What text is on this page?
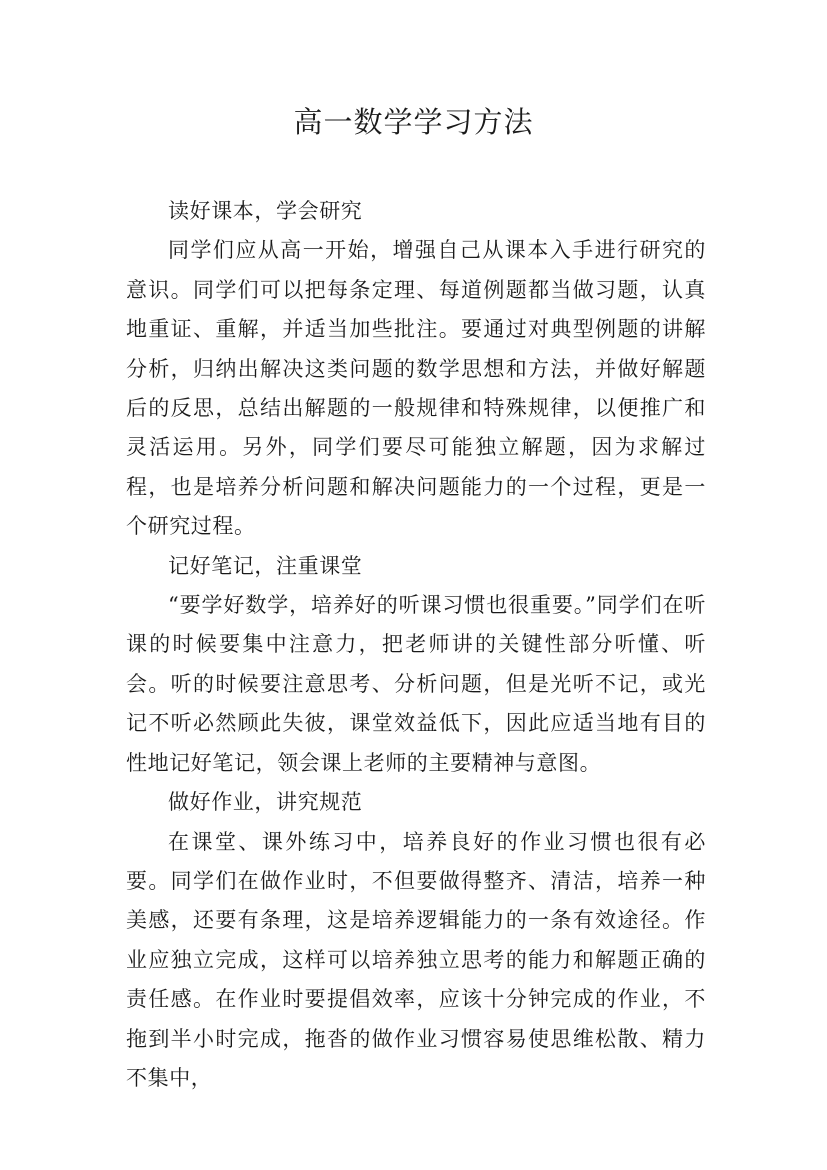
高一数学学习方法

读好课本，学会研究

同学们应从高一开始，增强自己从课本入手进行研究的意识。同学们可以把每条定理、每道例题都当做习题，认真地重证、重解，并适当加些批注。要通过对典型例题的讲解分析，归纳出解决这类问题的数学思想和方法，并做好解题后的反思，总结出解题的一般规律和特殊规律，以便推广和灵活运用。另外，同学们要尽可能独立解题，因为求解过程，也是培养分析问题和解决问题能力的一个过程，更是一个研究过程。

记好笔记，注重课堂

“要学好数学，培养好的听课习惯也很重要。”同学们在听课的时候要集中注意力，把老师讲的关键性部分听懂、听会。听的时候要注意思考、分析问题，但是光听不记，或光记不听必然顾此失彼，课堂效益低下，因此应适当地有目的性地记好笔记，领会课上老师的主要精神与意图。

做好作业，讲究规范

在课堂、课外练习中，培养良好的作业习惯也很有必要。同学们在做作业时，不但要做得整齐、清洁，培养一种美感，还要有条理，这是培养逻辑能力的一条有效途径。作业应独立完成，这样可以培养独立思考的能力和解题正确的责任感。在作业时要提倡效率，应该十分钟完成的作业，不拖到半小时完成，拖沓的做作业习惯容易使思维松散、精力不集中，
